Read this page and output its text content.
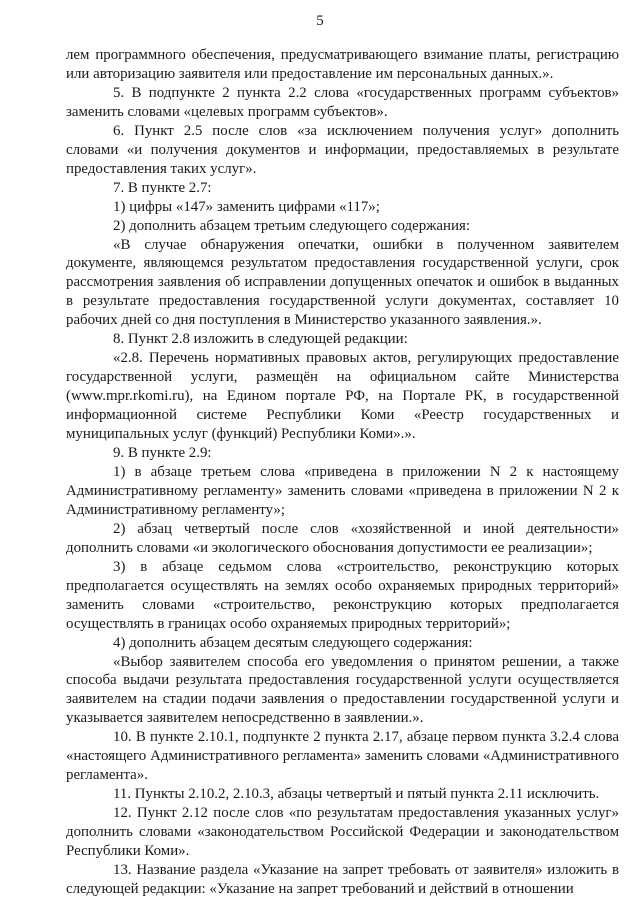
5

лем программного обеспечения, предусматривающего взимание платы, регистрацию или авторизацию заявителя или предоставление им персональных данных.».

5. В подпункте 2 пункта 2.2 слова «государственных программ субъектов» заменить словами «целевых программ субъектов».

6. Пункт 2.5 после слов «за исключением получения услуг» дополнить словами «и получения документов и информации, предоставляемых в результате предоставления таких услуг».

7. В пункте 2.7:

1) цифры «147» заменить цифрами «117»;

2) дополнить абзацем третьим следующего содержания:

«В случае обнаружения опечатки, ошибки в полученном заявителем документе, являющемся результатом предоставления государственной услуги, срок рассмотрения заявления об исправлении допущенных опечаток и ошибок в выданных в результате предоставления государственной услуги документах, составляет 10 рабочих дней со дня поступления в Министерство указанного заявления.».

8. Пункт 2.8 изложить в следующей редакции:

«2.8. Перечень нормативных правовых актов, регулирующих предоставление государственной услуги, размещён на официальном сайте Министерства (www.mpr.rkomi.ru), на Едином портале РФ, на Портале РК, в государственной информационной системе Республики Коми «Реестр государственных и муниципальных услуг (функций) Республики Коми».».

9. В пункте 2.9:

1) в абзаце третьем слова «приведена в приложении N 2 к настоящему Административному регламенту» заменить словами «приведена в приложении N 2 к Административному регламенту»;

2) абзац четвертый после слов «хозяйственной и иной деятельности» дополнить словами «и экологического обоснования допустимости ее реализации»;

3) в абзаце седьмом слова «строительство, реконструкцию которых предполагается осуществлять на землях особо охраняемых природных территорий» заменить словами «строительство, реконструкцию которых предполагается осуществлять в границах особо охраняемых природных территорий»;

4) дополнить абзацем десятым следующего содержания:

«Выбор заявителем способа его уведомления о принятом решении, а также способа выдачи результата предоставления государственной услуги осуществляется заявителем на стадии подачи заявления о предоставлении государственной услуги и указывается заявителем непосредственно в заявлении.».

10. В пункте 2.10.1, подпункте 2 пункта 2.17, абзаце первом пункта 3.2.4 слова «настоящего Административного регламента» заменить словами «Административного регламента».

11. Пункты 2.10.2, 2.10.3, абзацы четвертый и пятый пункта 2.11 исключить.

12. Пункт 2.12 после слов «по результатам предоставления указанных услуг» дополнить словами «законодательством Российской Федерации и законодательством Республики Коми».

13. Название раздела «Указание на запрет требовать от заявителя» изложить в следующей редакции: «Указание на запрет требований и действий в отношении
